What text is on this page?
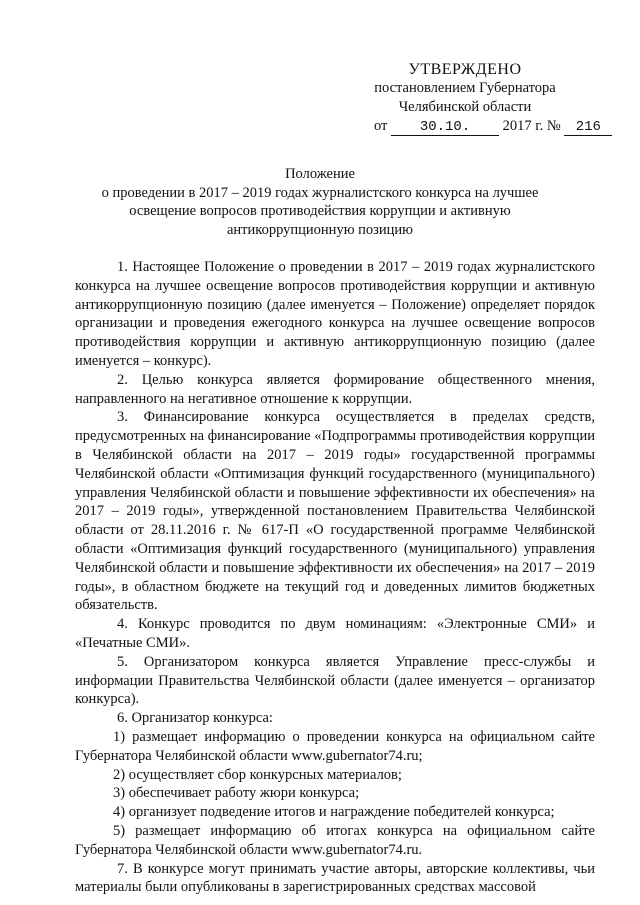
УТВЕРЖДЕНО
постановлением Губернатора
Челябинской области
от 30.10. 2017 г. № 216
Положение
о проведении в 2017 – 2019 годах журналистского конкурса на лучшее
освещение вопросов противодействия коррупции и активную
антикоррупционную позицию

1. Настоящее Положение о проведении в 2017 – 2019 годах журналистского конкурса на лучшее освещение вопросов противодействия коррупции и активную антикоррупционную позицию (далее именуется – Положение) определяет порядок организации и проведения ежегодного конкурса на лучшее освещение вопросов противодействия коррупции и активную антикоррупционную позицию (далее именуется – конкурс).

2. Целью конкурса является формирование общественного мнения, направленного на негативное отношение к коррупции.

3. Финансирование конкурса осуществляется в пределах средств, предусмотренных на финансирование «Подпрограммы противодействия коррупции в Челябинской области на 2017 – 2019 годы» государственной программы Челябинской области «Оптимизация функций государственного (муниципального) управления Челябинской области и повышение эффективности их обеспечения» на 2017 – 2019 годы», утвержденной постановлением Правительства Челябинской области от 28.11.2016 г. № 617-П «О государственной программе Челябинской области «Оптимизация функций государственного (муниципального) управления Челябинской области и повышение эффективности их обеспечения» на 2017 – 2019 годы», в областном бюджете на текущий год и доведенных лимитов бюджетных обязательств.

4. Конкурс проводится по двум номинациям: «Электронные СМИ» и «Печатные СМИ».

5. Организатором конкурса является Управление пресс-службы и информации Правительства Челябинской области (далее именуется – организатор конкурса).

6. Организатор конкурса:

1) размещает информацию о проведении конкурса на официальном сайте Губернатора Челябинской области www.gubernator74.ru;

2) осуществляет сбор конкурсных материалов;

3) обеспечивает работу жюри конкурса;

4) организует подведение итогов и награждение победителей конкурса;

5) размещает информацию об итогах конкурса на официальном сайте Губернатора Челябинской области www.gubernator74.ru.

7. В конкурсе могут принимать участие авторы, авторские коллективы, чьи материалы были опубликованы в зарегистрированных средствах массовой
